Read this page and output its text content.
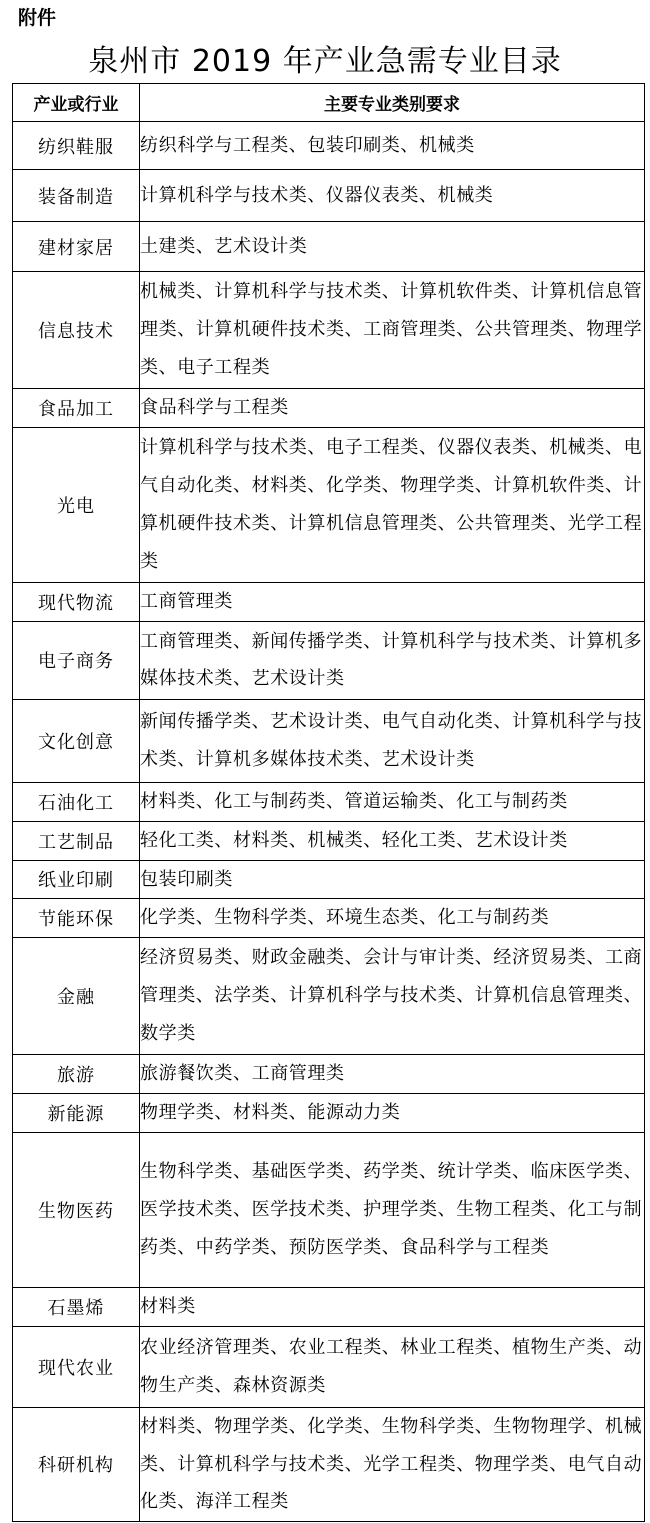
附件
泉州市 2019 年产业急需专业目录
产业或行业	主要专业类别要求
纺织鞋服	纺织科学与工程类、包装印刷类、机械类
装备制造	计算机科学与技术类、仪器仪表类、机械类
建材家居	土建类、艺术设计类
信息技术	机械类、计算机科学与技术类、计算机软件类、计算机信息管理类、计算机硬件技术类、工商管理类、公共管理类、物理学类、电子工程类
食品加工	食品科学与工程类
光电	计算机科学与技术类、电子工程类、仪器仪表类、机械类、电气自动化类、材料类、化学类、物理学类、计算机软件类、计算机硬件技术类、计算机信息管理类、公共管理类、光学工程类
现代物流	工商管理类
电子商务	工商管理类、新闻传播学类、计算机科学与技术类、计算机多媒体技术类、艺术设计类
文化创意	新闻传播学类、艺术设计类、电气自动化类、计算机科学与技术类、计算机多媒体技术类、艺术设计类
石油化工	材料类、化工与制药类、管道运输类、化工与制药类
工艺制品	轻化工类、材料类、机械类、轻化工类、艺术设计类
纸业印刷	包装印刷类
节能环保	化学类、生物科学类、环境生态类、化工与制药类
金融	经济贸易类、财政金融类、会计与审计类、经济贸易类、工商管理类、法学类、计算机科学与技术类、计算机信息管理类、数学类
旅游	旅游餐饮类、工商管理类
新能源	物理学类、材料类、能源动力类
生物医药	生物科学类、基础医学类、药学类、统计学类、临床医学类、医学技术类、医学技术类、护理学类、生物工程类、化工与制药类、中药学类、预防医学类、食品科学与工程类
石墨烯	材料类
现代农业	农业经济管理类、农业工程类、林业工程类、植物生产类、动物生产类、森林资源类
科研机构	材料类、物理学类、化学类、生物科学类、生物物理学、机械类、计算机科学与技术类、光学工程类、物理学类、电气自动化类、海洋工程类
